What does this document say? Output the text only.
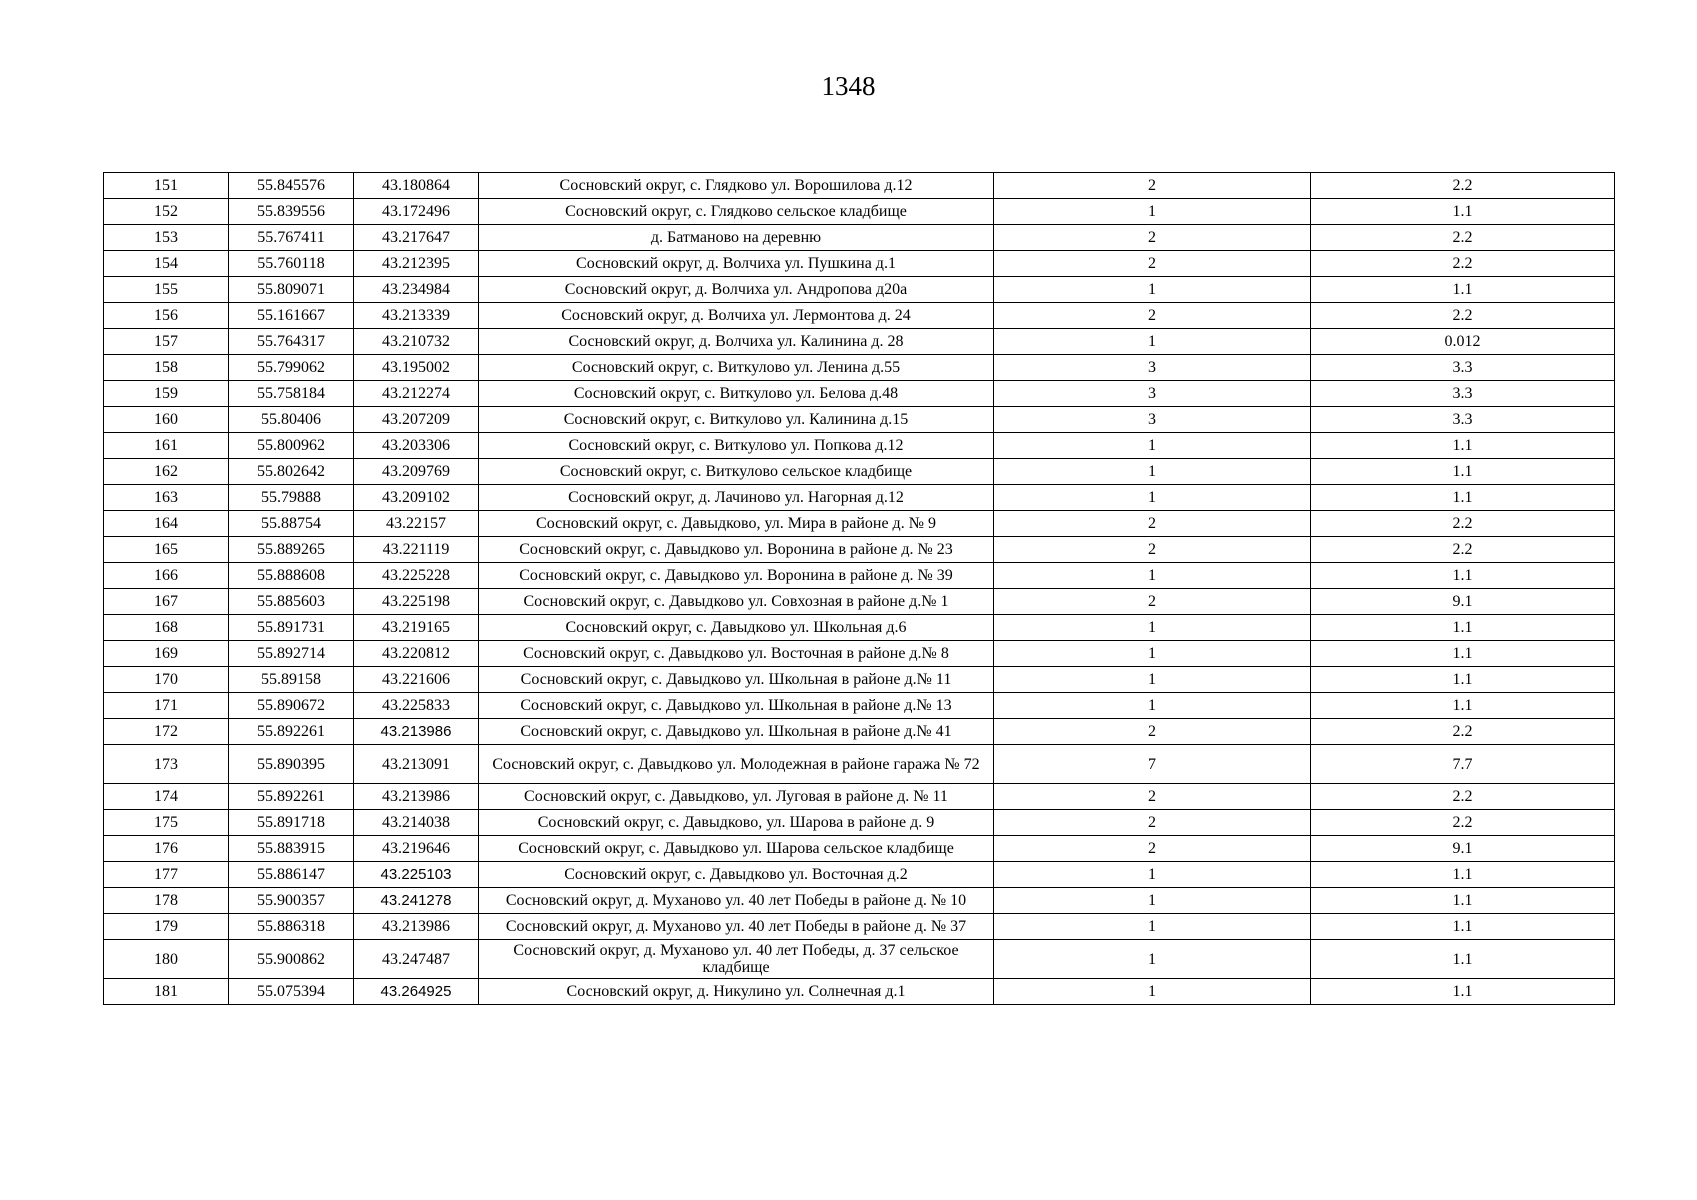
1348
151	55.845576	43.180864	Сосновский округ, с. Глядково ул. Ворошилова д.12	2	2.2
152	55.839556	43.172496	Сосновский округ, с. Глядково сельское кладбище	1	1.1
153	55.767411	43.217647	д. Батманово на деревню	2	2.2
154	55.760118	43.212395	Сосновский округ, д. Волчиха ул. Пушкина д.1	2	2.2
155	55.809071	43.234984	Сосновский округ, д. Волчиха ул. Андропова д20а	1	1.1
156	55.161667	43.213339	Сосновский округ, д. Волчиха ул. Лермонтова д. 24	2	2.2
157	55.764317	43.210732	Сосновский округ, д. Волчиха ул. Калинина д. 28	1	0.012
158	55.799062	43.195002	Сосновский округ, с. Виткулово ул. Ленина д.55	3	3.3
159	55.758184	43.212274	Сосновский округ, с. Виткулово ул. Белова д.48	3	3.3
160	55.80406	43.207209	Сосновский округ, с. Виткулово ул. Калинина д.15	3	3.3
161	55.800962	43.203306	Сосновский округ, с. Виткулово ул. Попкова д.12	1	1.1
162	55.802642	43.209769	Сосновский округ, с. Виткулово сельское кладбище	1	1.1
163	55.79888	43.209102	Сосновский округ, д. Лачиново ул. Нагорная д.12	1	1.1
164	55.88754	43.22157	Сосновский округ, с. Давыдково, ул. Мира в районе д. № 9	2	2.2
165	55.889265	43.221119	Сосновский округ, с. Давыдково ул. Воронина в районе д. № 23	2	2.2
166	55.888608	43.225228	Сосновский округ, с. Давыдково ул. Воронина в районе д. № 39	1	1.1
167	55.885603	43.225198	Сосновский округ, с. Давыдково ул. Совхозная в районе д.№ 1	2	9.1
168	55.891731	43.219165	Сосновский округ, с. Давыдково ул. Школьная д.6	1	1.1
169	55.892714	43.220812	Сосновский округ, с. Давыдково ул. Восточная в районе д.№ 8	1	1.1
170	55.89158	43.221606	Сосновский округ, с. Давыдково ул. Школьная в районе д.№ 11	1	1.1
171	55.890672	43.225833	Сосновский округ, с. Давыдково ул. Школьная в районе д.№ 13	1	1.1
172	55.892261	43.213986	Сосновский округ, с. Давыдково ул. Школьная в районе д.№ 41	2	2.2
173	55.890395	43.213091	Сосновский округ, с. Давыдково ул. Молодежная в районе гаража № 72	7	7.7
174	55.892261	43.213986	Сосновский округ, с. Давыдково, ул. Луговая в районе д. № 11	2	2.2
175	55.891718	43.214038	Сосновский округ, с. Давыдково, ул. Шарова в районе д. 9	2	2.2
176	55.883915	43.219646	Сосновский округ, с. Давыдково ул. Шарова сельское кладбище	2	9.1
177	55.886147	43.225103	Сосновский округ, с. Давыдково ул. Восточная д.2	1	1.1
178	55.900357	43.241278	Сосновский округ, д. Муханово ул. 40 лет Победы в районе д. № 10	1	1.1
179	55.886318	43.213986	Сосновский округ, д. Муханово ул. 40 лет Победы в районе д. № 37	1	1.1
180	55.900862	43.247487	Сосновский округ, д. Муханово ул. 40 лет Победы, д. 37 сельское кладбище	1	1.1
181	55.075394	43.264925	Сосновский округ, д. Никулино ул. Солнечная д.1	1	1.1
